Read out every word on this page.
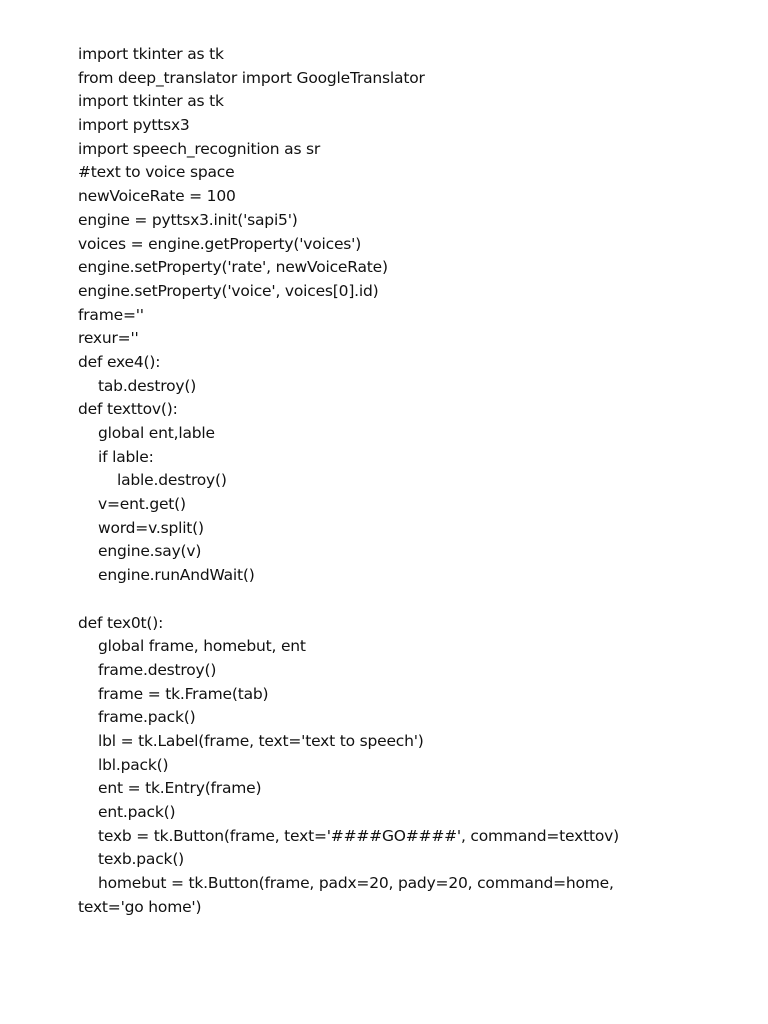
import tkinter as tk
from deep_translator import GoogleTranslator
import tkinter as tk
import pyttsx3
import speech_recognition as sr
#text to voice space
newVoiceRate = 100
engine = pyttsx3.init('sapi5')
voices = engine.getProperty('voices')
engine.setProperty('rate', newVoiceRate)
engine.setProperty('voice', voices[0].id)
frame=''
rexur=''
def exe4():
tab.destroy()
def texttov():
global ent,lable
if lable:
lable.destroy()
v=ent.get()
word=v.split()
engine.say(v)
engine.runAndWait()
def tex0t():
global frame, homebut, ent
frame.destroy()
frame = tk.Frame(tab)
frame.pack()
lbl = tk.Label(frame, text='text to speech')
lbl.pack()
ent = tk.Entry(frame)
ent.pack()
texb = tk.Button(frame, text='####GO####', command=texttov)
texb.pack()
homebut = tk.Button(frame, padx=20, pady=20, command=home,
text='go home')
